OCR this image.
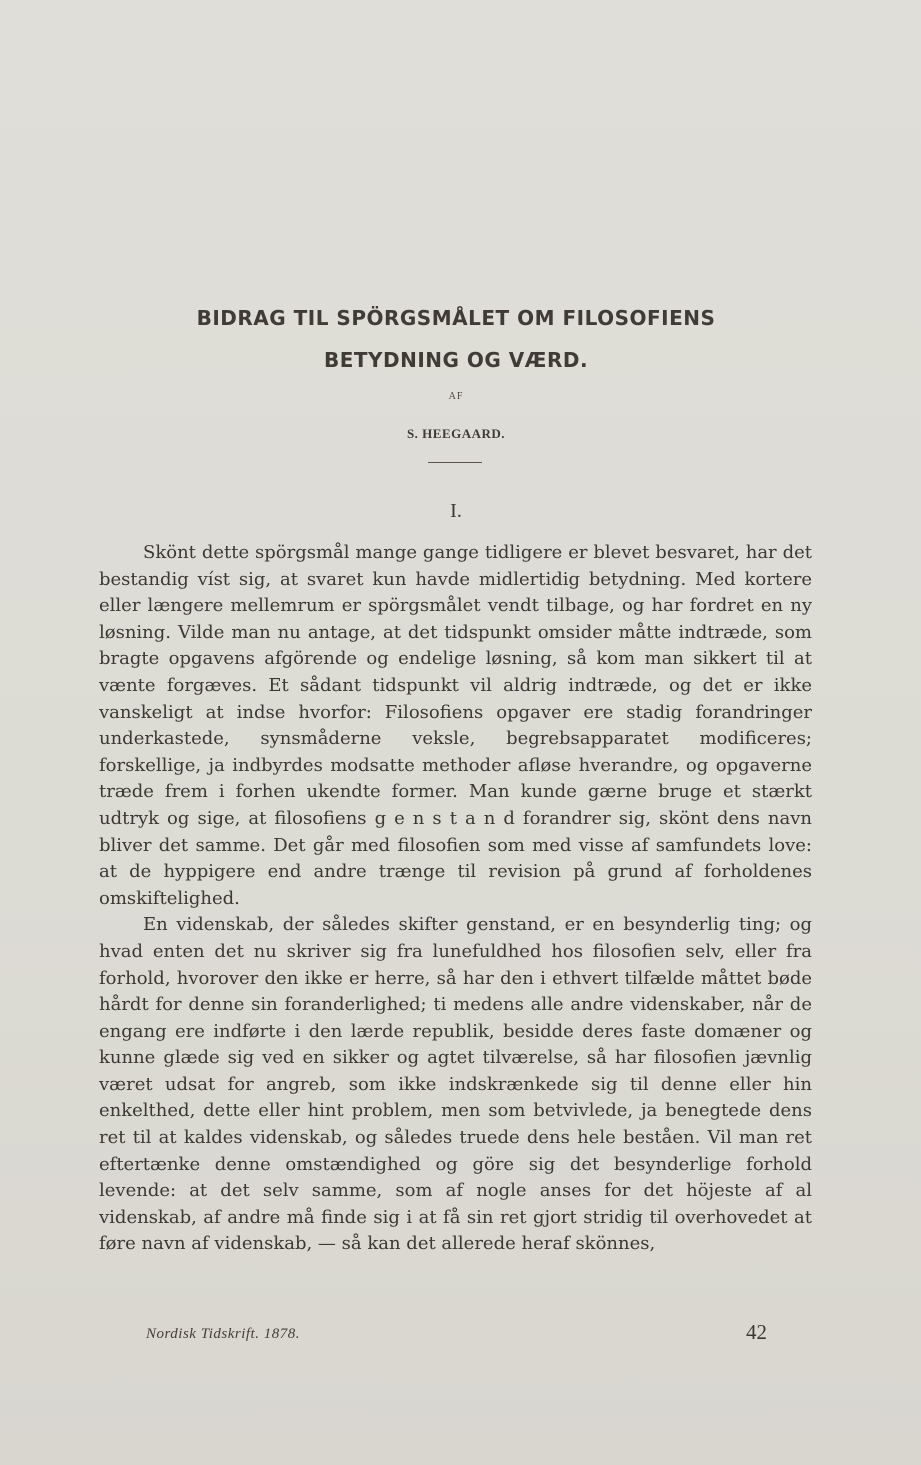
BIDRAG TIL SPÖRGSMÅLET OM FILOSOFIENS
BETYDNING OG VÆRD.
AF
S. HEEGAARD.
I.

Skönt dette spörgsmål mange gange tidligere er blevet besvaret, har det bestandig víst sig, at svaret kun havde midlertidig betydning. Med kortere eller længere mellemrum er spörgsmålet vendt tilbage, og har fordret en ny løsning. Vilde man nu antage, at det tidspunkt omsider måtte indtræde, som bragte opgavens afgörende og endelige løsning, så kom man sikkert til at vænte forgæves. Et sådant tidspunkt vil aldrig indtræde, og det er ikke vanskeligt at indse hvorfor: Filosofiens opgaver ere stadig forandringer underkastede, synsmåderne veksle, begrebsapparatet modificeres; forskellige, ja indbyrdes modsatte methoder afløse hverandre, og opgaverne træde frem i forhen ukendte former. Man kunde gærne bruge et stærkt udtryk og sige, at filosofiens g e n s t a n d forandrer sig, skönt dens navn bliver det samme. Det går med filosofien som med visse af samfundets love: at de hyppigere end andre trænge til revision på grund af forholdenes omskiftelighed.

En videnskab, der således skifter genstand, er en besynderlig ting; og hvad enten det nu skriver sig fra lunefuldhed hos filosofien selv, eller fra forhold, hvorover den ikke er herre, så har den i ethvert tilfælde måttet bøde hårdt for denne sin foranderlighed; ti medens alle andre videnskaber, når de engang ere indførte i den lærde republik, besidde deres faste domæner og kunne glæde sig ved en sikker og agtet tilværelse, så har filosofien jævnlig været udsat for angreb, som ikke indskrænkede sig til denne eller hin enkelthed, dette eller hint problem, men som betvivlede, ja benegtede dens ret til at kaldes videnskab, og således truede dens hele beståen. Vil man ret eftertænke denne omstændighed og göre sig det besynderlige forhold levende: at det selv samme, som af nogle anses for det höjeste af al videnskab, af andre må finde sig i at få sin ret gjort stridig til overhovedet at føre navn af videnskab, — så kan det allerede heraf skönnes,

Nordisk Tidskrift. 1878.	42
